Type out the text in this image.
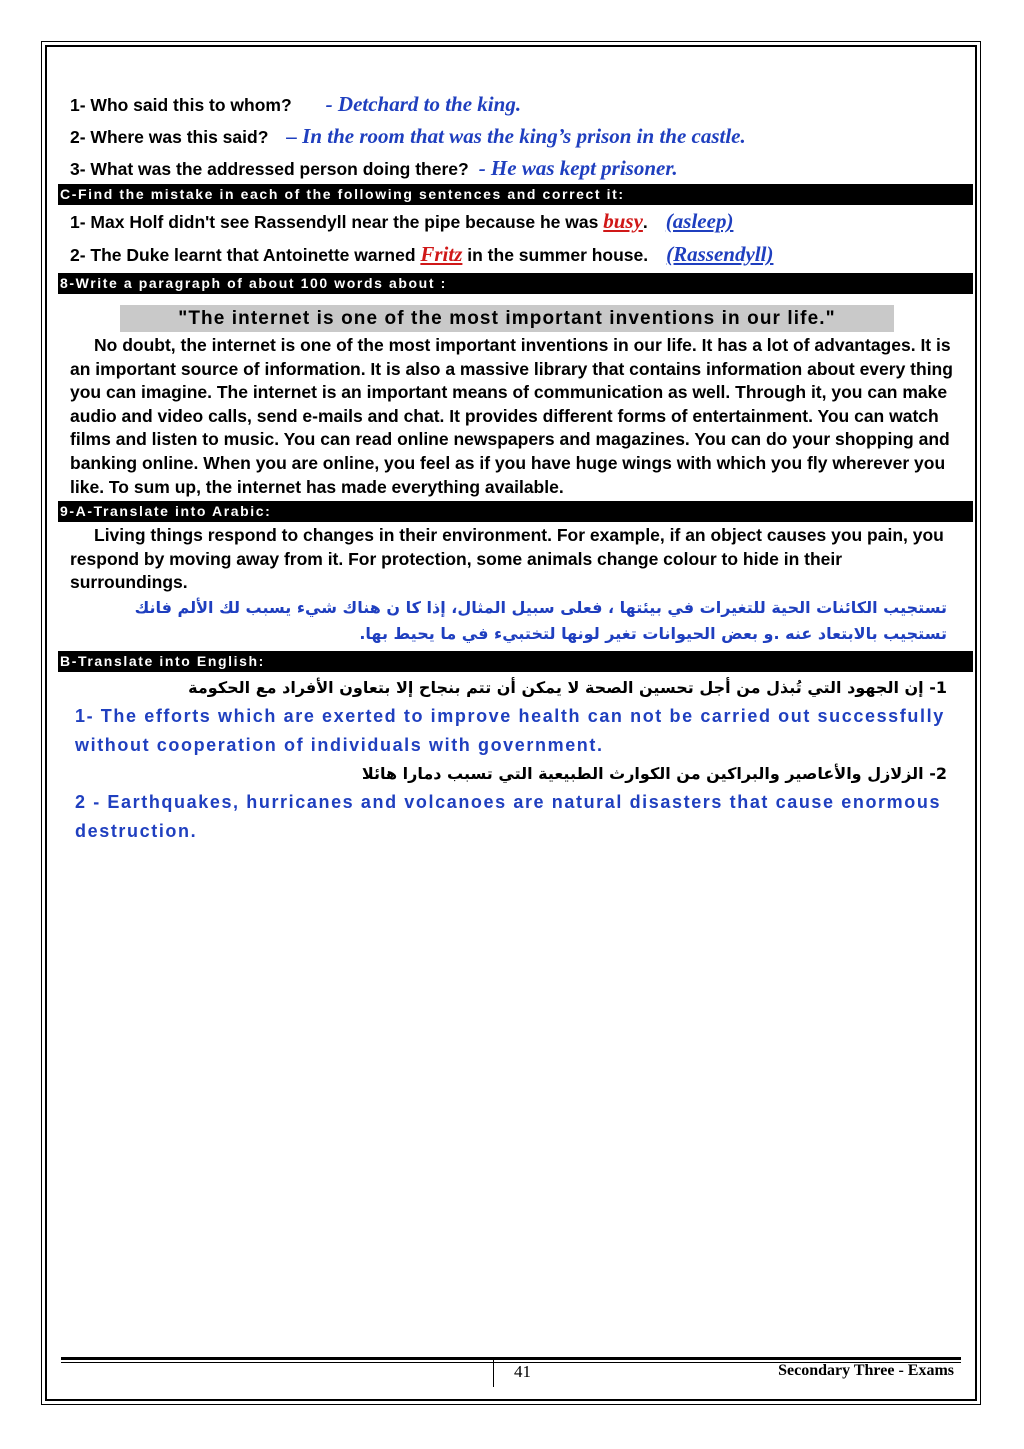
1- Who said this to whom? - Detchard to the king.
2- Where was this said? – In the room that was the king’s prison in the castle.
3- What was the addressed person doing there? - He was kept prisoner.
C-Find the mistake in each of the following sentences and correct it:
1- Max Holf didn't see Rassendyll near the pipe because he was busy. (asleep)
2- The Duke learnt that Antoinette warned Fritz in the summer house. (Rassendyll)
8-Write a paragraph of about 100 words about :
"The internet is one of the most important inventions in our life."
No doubt, the internet is one of the most important inventions in our life. It has a lot of advantages. It is an important source of information. It is also a massive library that contains information about every thing you can imagine. The internet is an important means of communication as well. Through it, you can make audio and video calls, send e-mails and chat. It provides different forms of entertainment. You can watch films and listen to music. You can read online newspapers and magazines. You can do your shopping and banking online. When you are online, you feel as if you have huge wings with which you fly wherever you like. To sum up, the internet has made everything available.
9-A-Translate into Arabic:
Living things respond to changes in their environment. For example, if an object causes you pain, you respond by moving away from it. For protection, some animals change colour to hide in their surroundings.
تستجيب الكائنات الحية للتغيرات في بيئتها ، فعلى سبيل المثال، إذا كا ن هناك شيء يسبب لك الألم فانك تستجيب بالابتعاد عنه .و بعض الحيوانات تغير لونها لتختبيء في ما يحيط بها.
B-Translate into English:
1- إن الجهود التي تُبذل من أجل تحسين الصحة لا يمكن أن تتم بنجاح إلا بتعاون الأفراد مع الحكومة
1- The efforts which are exerted to improve health can not be carried out successfully without cooperation of individuals with government.
2- الزلازل والأعاصير والبراكين من الكوارث الطبيعية التي تسبب دمارا هائلا
2 - Earthquakes, hurricanes and volcanoes are natural disasters that cause enormous destruction.
41	Secondary Three - Exams
